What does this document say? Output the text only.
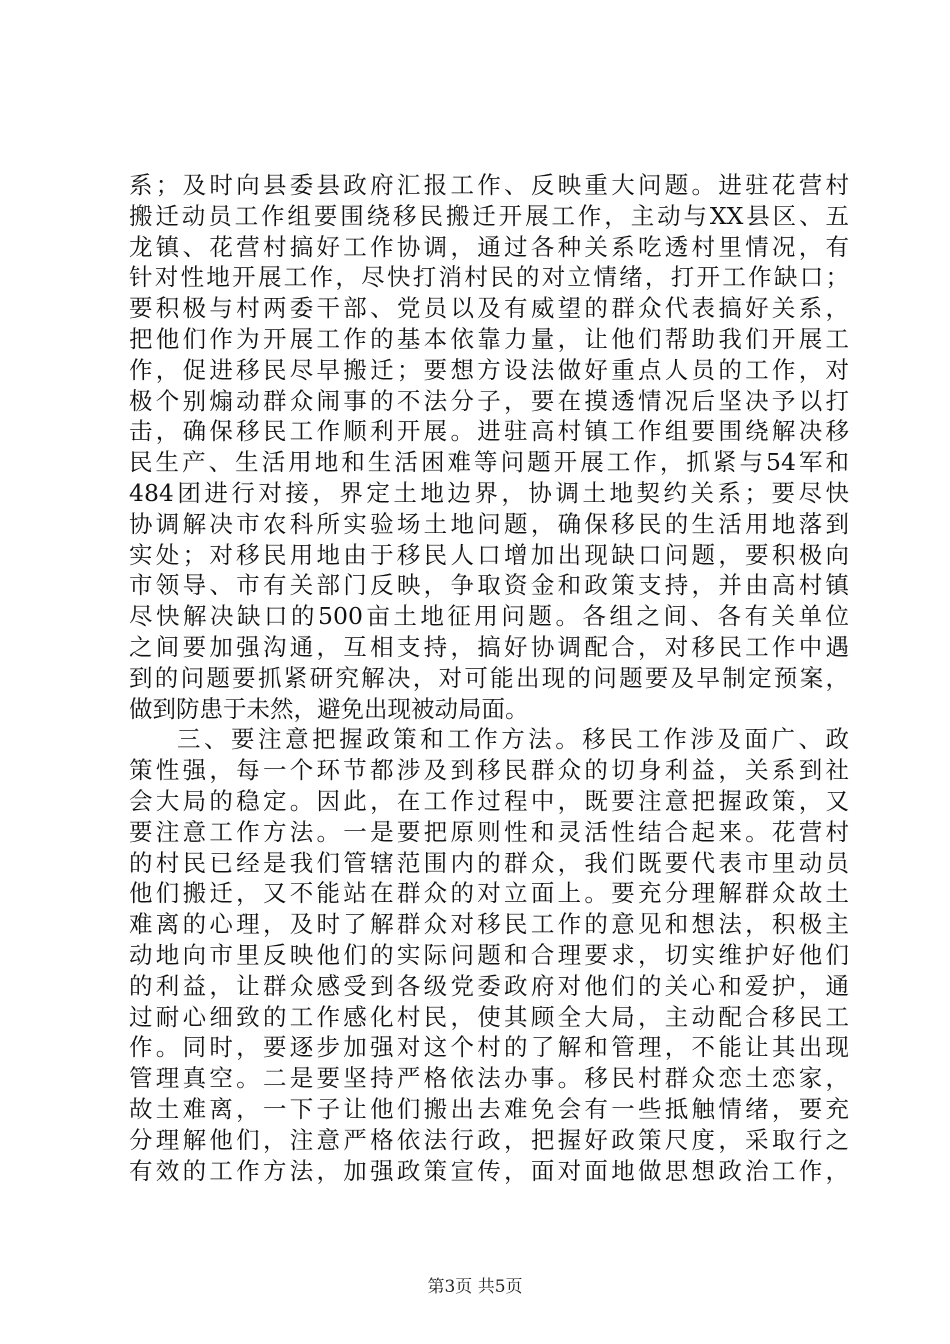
系；及时向县委县政府汇报工作、反映重大问题。进驻花营村
搬迁动员工作组要围绕移民搬迁开展工作，主动与XX县区、五
龙镇、花营村搞好工作协调，通过各种关系吃透村里情况，有
针对性地开展工作，尽快打消村民的对立情绪，打开工作缺口；
要积极与村两委干部、党员以及有威望的群众代表搞好关系，
把他们作为开展工作的基本依靠力量，让他们帮助我们开展工
作，促进移民尽早搬迁；要想方设法做好重点人员的工作，对
极个别煽动群众闹事的不法分子，要在摸透情况后坚决予以打
击，确保移民工作顺利开展。进驻高村镇工作组要围绕解决移
民生产、生活用地和生活困难等问题开展工作，抓紧与54军和
484团进行对接，界定土地边界，协调土地契约关系；要尽快
协调解决市农科所实验场土地问题，确保移民的生活用地落到
实处；对移民用地由于移民人口增加出现缺口问题，要积极向
市领导、市有关部门反映，争取资金和政策支持，并由高村镇
尽快解决缺口的500亩土地征用问题。各组之间、各有关单位
之间要加强沟通，互相支持，搞好协调配合，对移民工作中遇
到的问题要抓紧研究解决，对可能出现的问题要及早制定预案，
做到防患于未然，避免出现被动局面。
三、要注意把握政策和工作方法。移民工作涉及面广、政
策性强，每一个环节都涉及到移民群众的切身利益，关系到社
会大局的稳定。因此，在工作过程中，既要注意把握政策，又
要注意工作方法。一是要把原则性和灵活性结合起来。花营村
的村民已经是我们管辖范围内的群众，我们既要代表市里动员
他们搬迁，又不能站在群众的对立面上。要充分理解群众故土
难离的心理，及时了解群众对移民工作的意见和想法，积极主
动地向市里反映他们的实际问题和合理要求，切实维护好他们
的利益，让群众感受到各级党委政府对他们的关心和爱护，通
过耐心细致的工作感化村民，使其顾全大局，主动配合移民工
作。同时，要逐步加强对这个村的了解和管理，不能让其出现
管理真空。二是要坚持严格依法办事。移民村群众恋土恋家，
故土难离，一下子让他们搬出去难免会有一些抵触情绪，要充
分理解他们，注意严格依法行政，把握好政策尺度，采取行之
有效的工作方法，加强政策宣传，面对面地做思想政治工作，
第3页 共5页
